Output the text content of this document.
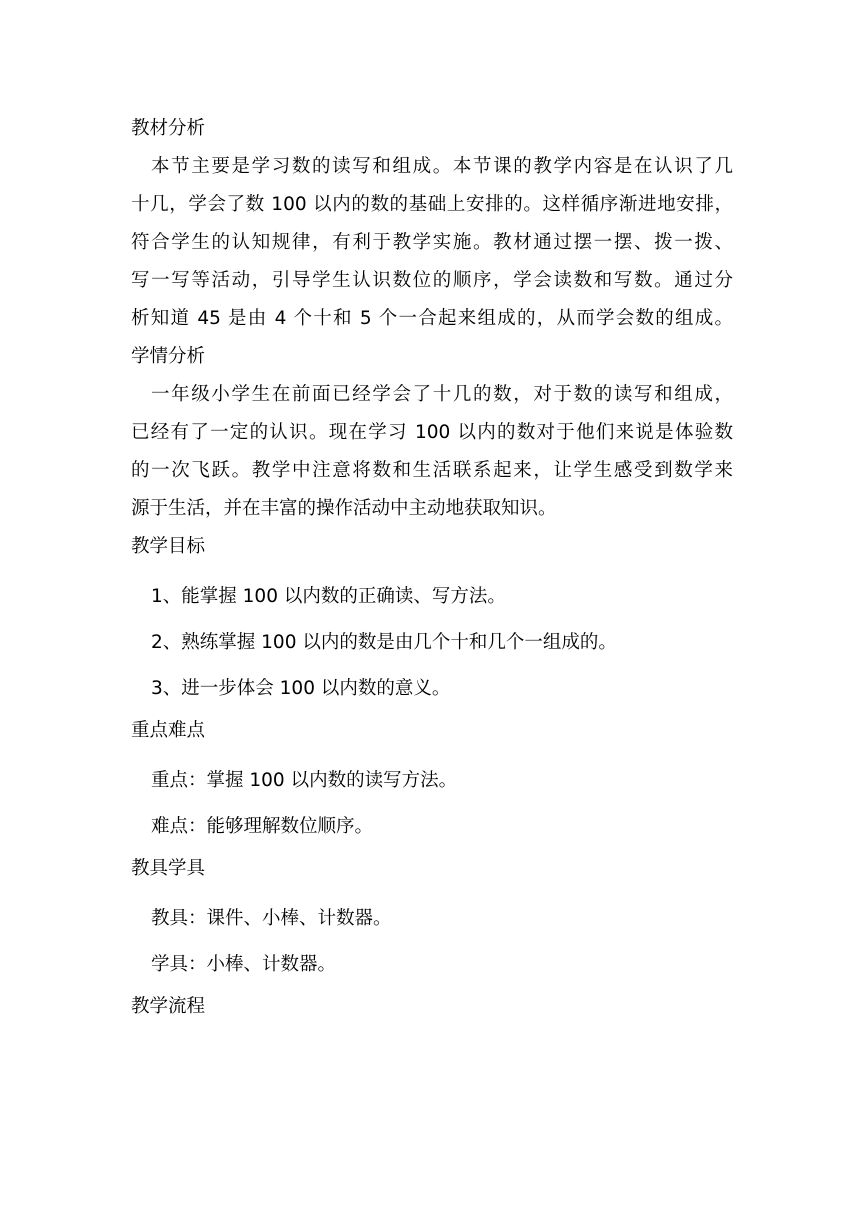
教材分析
本节主要是学习数的读写和组成。本节课的教学内容是在认识了几
十几，学会了数 100 以内的数的基础上安排的。这样循序渐进地安排，
符合学生的认知规律，有利于教学实施。教材通过摆一摆、拨一拨、
写一写等活动，引导学生认识数位的顺序，学会读数和写数。通过分
析知道 45 是由 4 个十和 5 个一合起来组成的，从而学会数的组成。
学情分析
一年级小学生在前面已经学会了十几的数，对于数的读写和组成，
已经有了一定的认识。现在学习 100 以内的数对于他们来说是体验数
的一次飞跃。教学中注意将数和生活联系起来，让学生感受到数学来
源于生活，并在丰富的操作活动中主动地获取知识。
教学目标
1、能掌握 100 以内数的正确读、写方法。
2、熟练掌握 100 以内的数是由几个十和几个一组成的。
3、进一步体会 100 以内数的意义。
重点难点
重点：掌握 100 以内数的读写方法。
难点：能够理解数位顺序。
教具学具
教具：课件、小棒、计数器。
学具：小棒、计数器。
教学流程
